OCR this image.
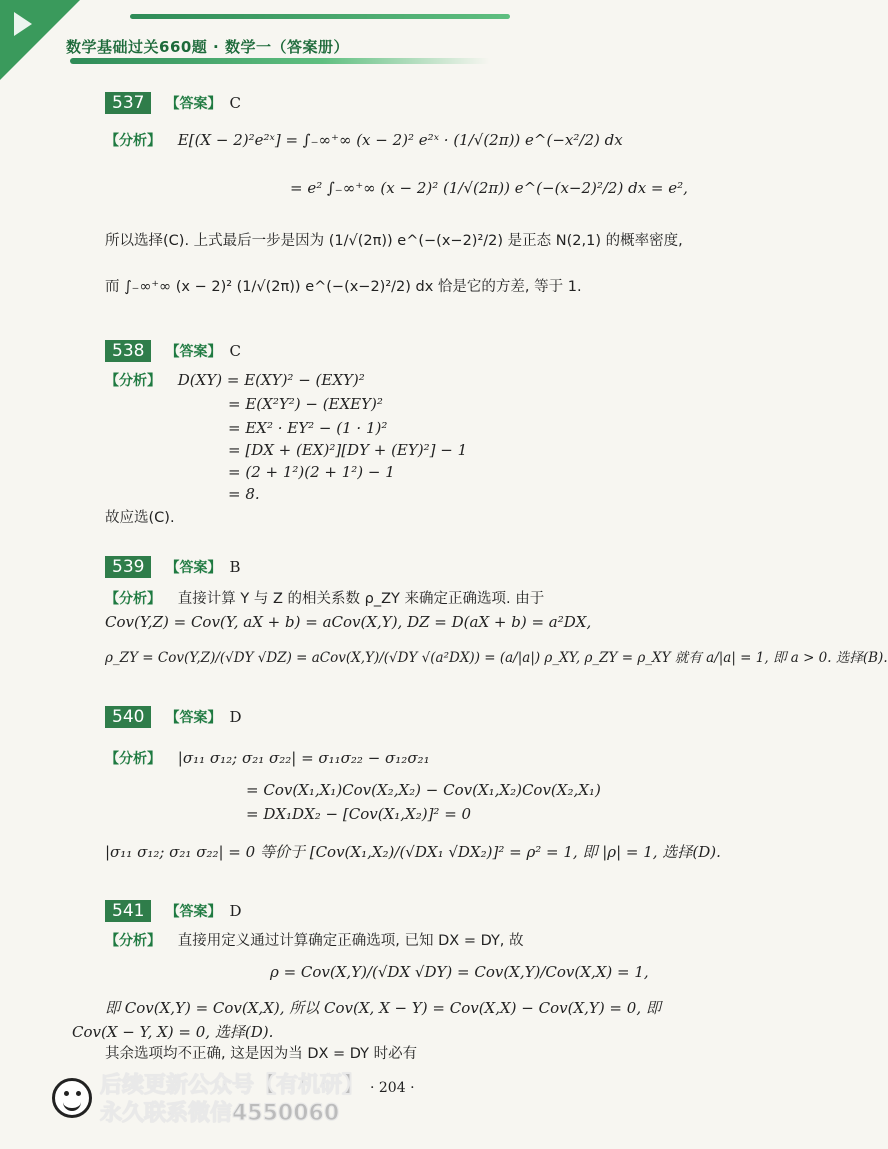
数学基础过关660题 · 数学一（答案册）
537 【答案】 C
【分析】 E[(X − 2)²e²ˣ] = ∫₋∞⁺∞ (x − 2)² e²ˣ · (1/√(2π)) e^(−x²/2) dx
= e² ∫₋∞⁺∞ (x − 2)² (1/√(2π)) e^(−(x−2)²/2) dx = e²,
所以选择(C). 上式最后一步是因为 (1/√(2π)) e^(−(x−2)²/2) 是正态 N(2,1) 的概率密度,
而 ∫₋∞⁺∞ (x − 2)² (1/√(2π)) e^(−(x−2)²/2) dx 恰是它的方差, 等于 1.
538 【答案】 C
【分析】 D(XY) = E(XY)² − (EXY)²
= E(X²Y²) − (EXEY)²
= EX² · EY² − (1 · 1)²
= [DX + (EX)²][DY + (EY)²] − 1
= (2 + 1²)(2 + 1²) − 1
= 8.
故应选(C).
539 【答案】 B
【分析】 直接计算 Y 与 Z 的相关系数 ρ_ZY 来确定正确选项. 由于
Cov(Y,Z) = Cov(Y, aX + b) = aCov(X,Y), DZ = D(aX + b) = a²DX,
ρ_ZY = Cov(Y,Z)/(√DY √DZ) = aCov(X,Y)/(√DY √(a²DX)) = (a/|a|) ρ_XY, ρ_ZY = ρ_XY 就有 a/|a| = 1, 即 a > 0. 选择(B).
540 【答案】 D
【分析】 |σ₁₁ σ₁₂; σ₂₁ σ₂₂| = σ₁₁σ₂₂ − σ₁₂σ₂₁
= Cov(X₁,X₁)Cov(X₂,X₂) − Cov(X₁,X₂)Cov(X₂,X₁)
= DX₁DX₂ − [Cov(X₁,X₂)]² = 0
|σ₁₁ σ₁₂; σ₂₁ σ₂₂| = 0 等价于 [Cov(X₁,X₂)/(√DX₁ √DX₂)]² = ρ² = 1, 即 |ρ| = 1, 选择(D).
541 【答案】 D
【分析】 直接用定义通过计算确定正确选项, 已知 DX = DY, 故
ρ = Cov(X,Y)/(√DX √DY) = Cov(X,Y)/Cov(X,X) = 1,
即 Cov(X,Y) = Cov(X,X), 所以 Cov(X, X − Y) = Cov(X,X) − Cov(X,Y) = 0, 即
Cov(X − Y, X) = 0, 选择(D).
其余选项均不正确, 这是因为当 DX = DY 时必有
· 204 ·
后续更新公众号【有机研】
永久联系微信4550060
